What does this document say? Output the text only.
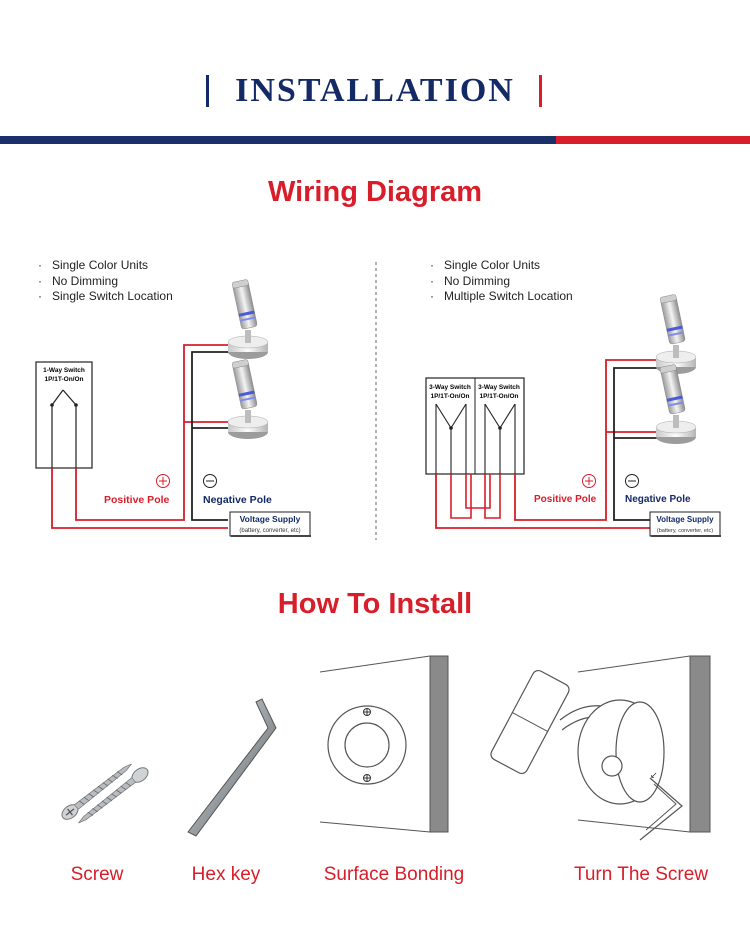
INSTALLATION
Wiring Diagram
·   Single Color Units
·   No Dimming
·   Single Switch Location
·   Single Color Units
·   No Dimming
·   Multiple Switch Location
1-Way Switch
1P/1T-On/On
Positive Pole	Negative Pole
Voltage Supply
(battery, converter, etc)
3-Way Switch
1P/1T-On/On
3-Way Switch
1P/1T-On/On
Positive Pole	Negative Pole
Voltage Supply
(battery, converter, etc)
↙
How To Install
Screw	Hex key	Surface Bonding	Turn The Screw
